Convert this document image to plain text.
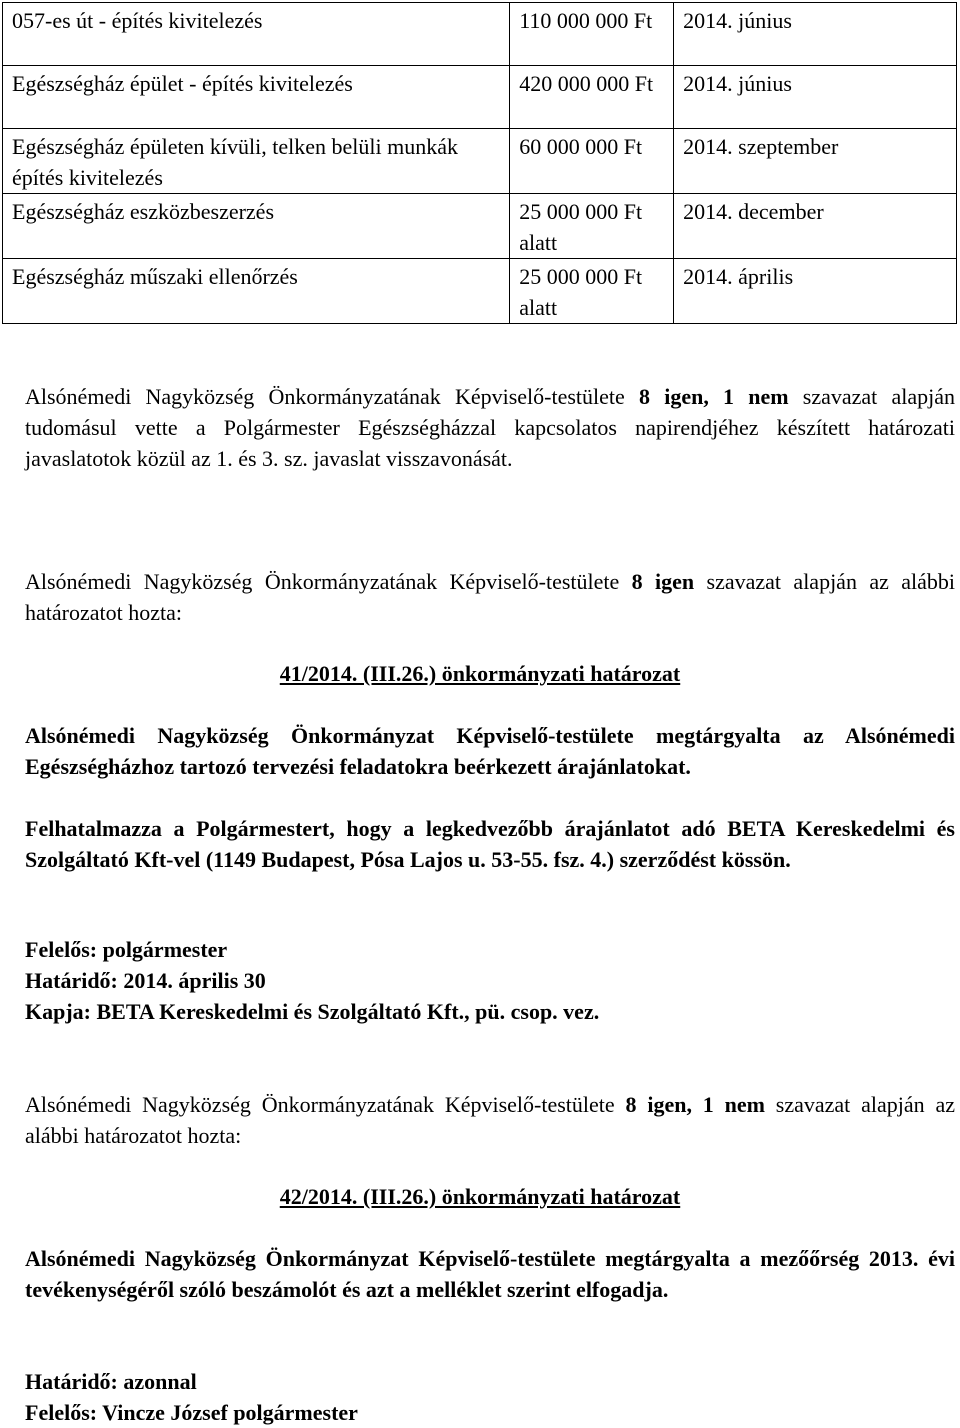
057-es út - építés kivitelezés	110 000 000 Ft	2014. június
Egészségház épület - építés kivitelezés	420 000 000 Ft	2014. június
Egészségház épületen kívüli, telken belüli munkák építés kivitelezés	60 000 000 Ft	2014. szeptember
Egészségház eszközbeszerzés	25 000 000 Ft alatt	2014. december
Egészségház műszaki ellenőrzés	25 000 000 Ft alatt	2014. április

Alsónémedi Nagyközség Önkormányzatának Képviselő-testülete 8 igen, 1 nem szavazat alapján tudomásul vette a Polgármester Egészségházzal kapcsolatos napirendjéhez készített határozati javaslatotok közül az 1. és 3. sz. javaslat visszavonását.

Alsónémedi Nagyközség Önkormányzatának Képviselő-testülete 8 igen szavazat alapján az alábbi határozatot hozta:

41/2014. (III.26.) önkormányzati határozat

Alsónémedi Nagyközség Önkormányzat Képviselő-testülete megtárgyalta az Alsónémedi Egészségházhoz tartozó tervezési feladatokra beérkezett árajánlatokat.

Felhatalmazza a Polgármestert, hogy a legkedvezőbb árajánlatot adó BETA Kereskedelmi és Szolgáltató Kft-vel (1149 Budapest, Pósa Lajos u. 53-55. fsz. 4.) szerződést kössön.

Felelős: polgármester

Határidő: 2014. április 30

Kapja: BETA Kereskedelmi és Szolgáltató Kft., pü. csop. vez.

Alsónémedi Nagyközség Önkormányzatának Képviselő-testülete 8 igen, 1 nem szavazat alapján az alábbi határozatot hozta:

42/2014. (III.26.) önkormányzati határozat

Alsónémedi Nagyközség Önkormányzat Képviselő-testülete megtárgyalta a mezőőrség 2013. évi tevékenységéről szóló beszámolót és azt a melléklet szerint elfogadja.

Határidő: azonnal

Felelős: Vincze József polgármester
